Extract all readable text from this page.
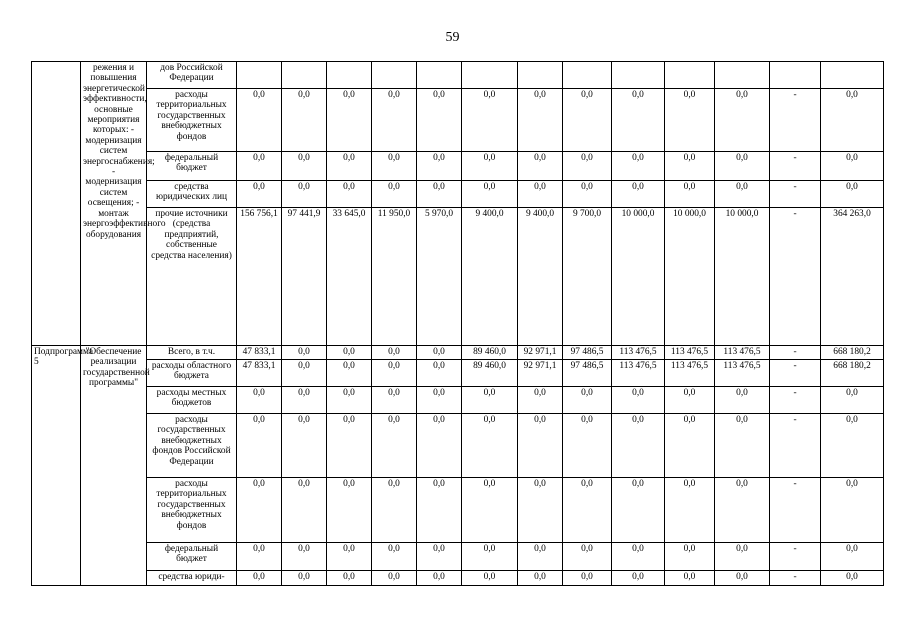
59
	режения и повышения энергетической эффективности, основные мероприятия которых: - модернизация систем энергоснабжения; - модернизация систем освещения; - монтаж энергоэффективного оборудования	дов Российской Федерации													
		расходы территориальных государственных внебюджетных фондов	0,0	0,0	0,0	0,0	0,0	0,0	0,0	0,0	0,0	0,0	0,0	-	0,0
		федеральный бюджет	0,0	0,0	0,0	0,0	0,0	0,0	0,0	0,0	0,0	0,0	0,0	-	0,0
		средства юридических лиц	0,0	0,0	0,0	0,0	0,0	0,0	0,0	0,0	0,0	0,0	0,0	-	0,0
		прочие источники (средства предприятий, собственные средства населения)	156 756,1	97 441,9	33 645,0	11 950,0	5 970,0	9 400,0	9 400,0	9 700,0	10 000,0	10 000,0	10 000,0	-	364 263,0
Подпрограмма 5	"Обеспечение реализации государственной программы"	Всего, в т.ч.	47 833,1	0,0	0,0	0,0	0,0	89 460,0	92 971,1	97 486,5	113 476,5	113 476,5	113 476,5	-	668 180,2
		расходы областного бюджета	47 833,1	0,0	0,0	0,0	0,0	89 460,0	92 971,1	97 486,5	113 476,5	113 476,5	113 476,5	-	668 180,2
		расходы местных бюджетов	0,0	0,0	0,0	0,0	0,0	0,0	0,0	0,0	0,0	0,0	0,0	-	0,0
		расходы государственных внебюджетных фондов Российской Федерации	0,0	0,0	0,0	0,0	0,0	0,0	0,0	0,0	0,0	0,0	0,0	-	0,0
		расходы территориальных государственных внебюджетных фондов	0,0	0,0	0,0	0,0	0,0	0,0	0,0	0,0	0,0	0,0	0,0	-	0,0
		федеральный бюджет	0,0	0,0	0,0	0,0	0,0	0,0	0,0	0,0	0,0	0,0	0,0	-	0,0
		средства юриди-	0,0	0,0	0,0	0,0	0,0	0,0	0,0	0,0	0,0	0,0	0,0	-	0,0
